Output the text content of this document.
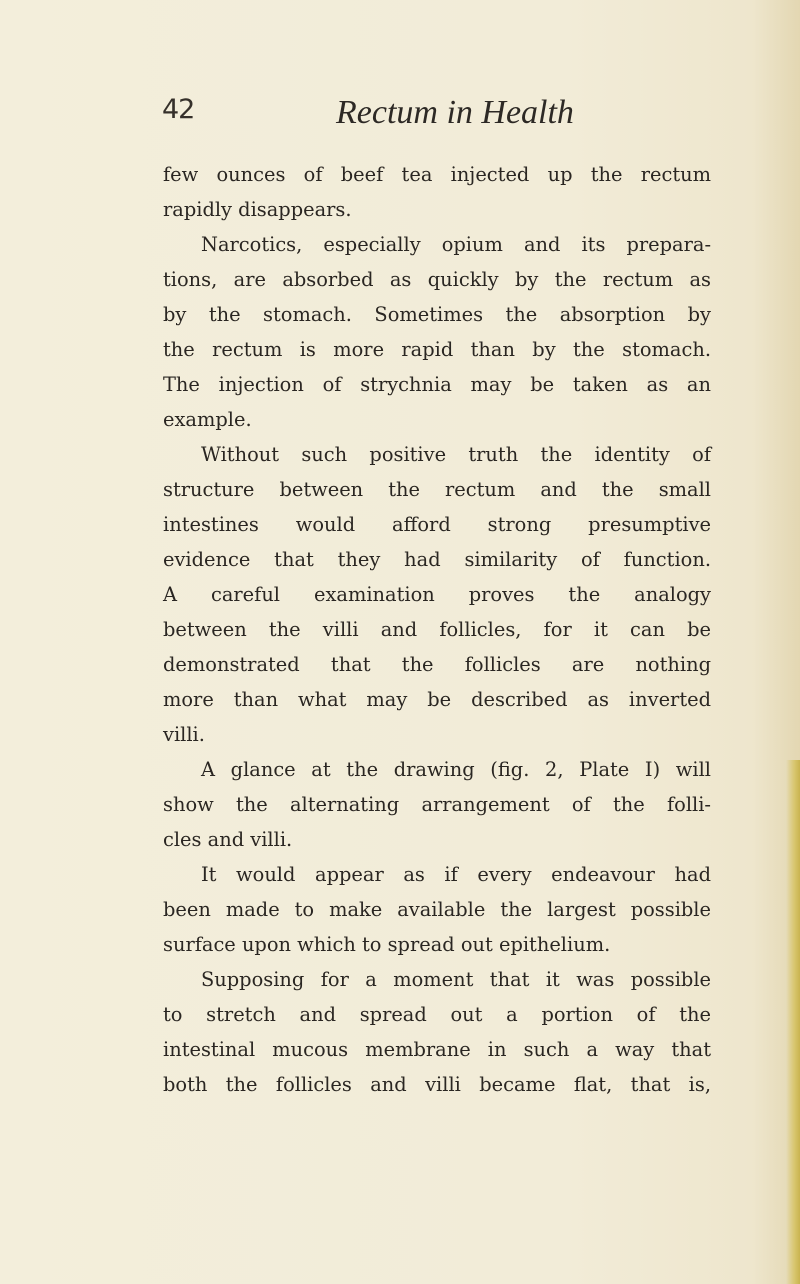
42	Rectum in Health
few ounces of beef tea injected up the rectum
rapidly disappears.
Narcotics, especially opium and its prepara-
tions, are absorbed as quickly by the rectum as
by the stomach. Sometimes the absorption by
the rectum is more rapid than by the stomach.
The injection of strychnia may be taken as an
example.
Without such positive truth the identity of
structure between the rectum and the small
intestines would afford strong presumptive
evidence that they had similarity of function.
A careful examination proves the analogy
between the villi and follicles, for it can be
demonstrated that the follicles are nothing
more than what may be described as inverted
villi.
A glance at the drawing (fig. 2, Plate I) will
show the alternating arrangement of the folli-
cles and villi.
It would appear as if every endeavour had
been made to make available the largest possible
surface upon which to spread out epithelium.
Supposing for a moment that it was possible
to stretch and spread out a portion of the
intestinal mucous membrane in such a way that
both the follicles and villi became flat, that is,
